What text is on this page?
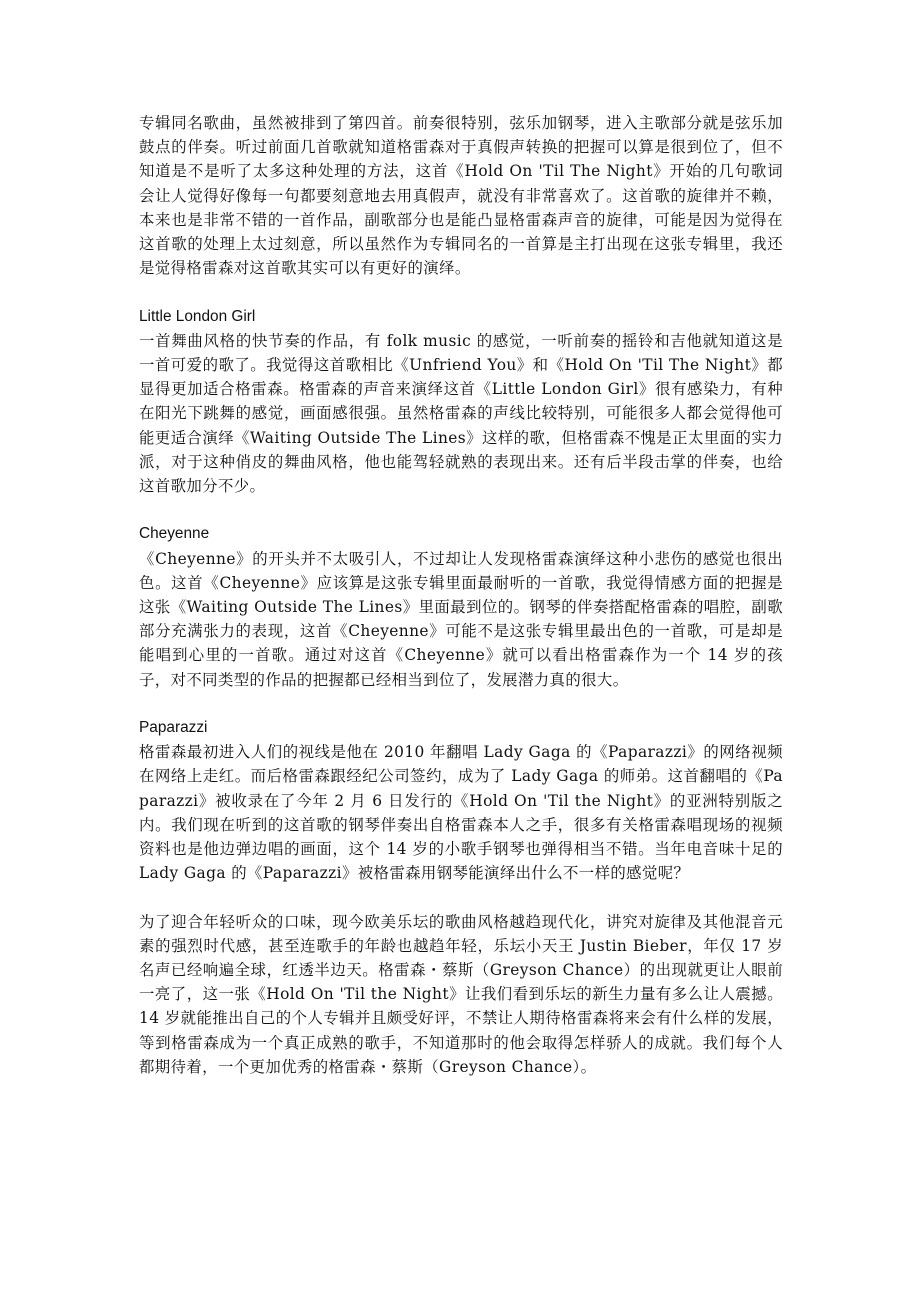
专辑同名歌曲，虽然被排到了第四首。前奏很特别，弦乐加钢琴，进入主歌部分就是弦乐加鼓点的伴奏。听过前面几首歌就知道格雷森对于真假声转换的把握可以算是很到位了，但不知道是不是听了太多这种处理的方法，这首《Hold On 'Til The Night》开始的几句歌词会让人觉得好像每一句都要刻意地去用真假声，就没有非常喜欢了。这首歌的旋律并不赖，本来也是非常不错的一首作品，副歌部分也是能凸显格雷森声音的旋律，可能是因为觉得在这首歌的处理上太过刻意，所以虽然作为专辑同名的一首算是主打出现在这张专辑里，我还是觉得格雷森对这首歌其实可以有更好的演绎。

Little London Girl

一首舞曲风格的快节奏的作品，有 folk music 的感觉，一听前奏的摇铃和吉他就知道这是一首可爱的歌了。我觉得这首歌相比《Unfriend You》和《Hold On 'Til The Night》都显得更加适合格雷森。格雷森的声音来演绎这首《Little London Girl》很有感染力，有种在阳光下跳舞的感觉，画面感很强。虽然格雷森的声线比较特别，可能很多人都会觉得他可能更适合演绎《Waiting Outside The Lines》这样的歌，但格雷森不愧是正太里面的实力派，对于这种俏皮的舞曲风格，他也能驾轻就熟的表现出来。还有后半段击掌的伴奏，也给这首歌加分不少。

Cheyenne

《Cheyenne》的开头并不太吸引人，不过却让人发现格雷森演绎这种小悲伤的感觉也很出色。这首《Cheyenne》应该算是这张专辑里面最耐听的一首歌，我觉得情感方面的把握是这张《Waiting Outside The Lines》里面最到位的。钢琴的伴奏搭配格雷森的唱腔，副歌部分充满张力的表现，这首《Cheyenne》可能不是这张专辑里最出色的一首歌，可是却是能唱到心里的一首歌。通过对这首《Cheyenne》就可以看出格雷森作为一个 14 岁的孩子，对不同类型的作品的把握都已经相当到位了，发展潜力真的很大。

Paparazzi

格雷森最初进入人们的视线是他在 2010 年翻唱 Lady Gaga 的《Paparazzi》的网络视频在网络上走红。而后格雷森跟经纪公司签约，成为了 Lady Gaga 的师弟。这首翻唱的《Paparazzi》被收录在了今年 2 月 6 日发行的《Hold On 'Til the Night》的亚洲特别版之内。我们现在听到的这首歌的钢琴伴奏出自格雷森本人之手，很多有关格雷森唱现场的视频资料也是他边弹边唱的画面，这个 14 岁的小歌手钢琴也弹得相当不错。当年电音味十足的 Lady Gaga 的《Paparazzi》被格雷森用钢琴能演绎出什么不一样的感觉呢？

为了迎合年轻听众的口味，现今欧美乐坛的歌曲风格越趋现代化，讲究对旋律及其他混音元素的强烈时代感，甚至连歌手的年龄也越趋年轻，乐坛小天王 Justin Bieber，年仅 17 岁名声已经响遍全球，红透半边天。格雷森・蔡斯（Greyson Chance）的出现就更让人眼前一亮了，这一张《Hold On 'Til the Night》让我们看到乐坛的新生力量有多么让人震撼。14 岁就能推出自己的个人专辑并且颇受好评，不禁让人期待格雷森将来会有什么样的发展，等到格雷森成为一个真正成熟的歌手，不知道那时的他会取得怎样骄人的成就。我们每个人都期待着，一个更加优秀的格雷森・蔡斯（Greyson Chance）。
